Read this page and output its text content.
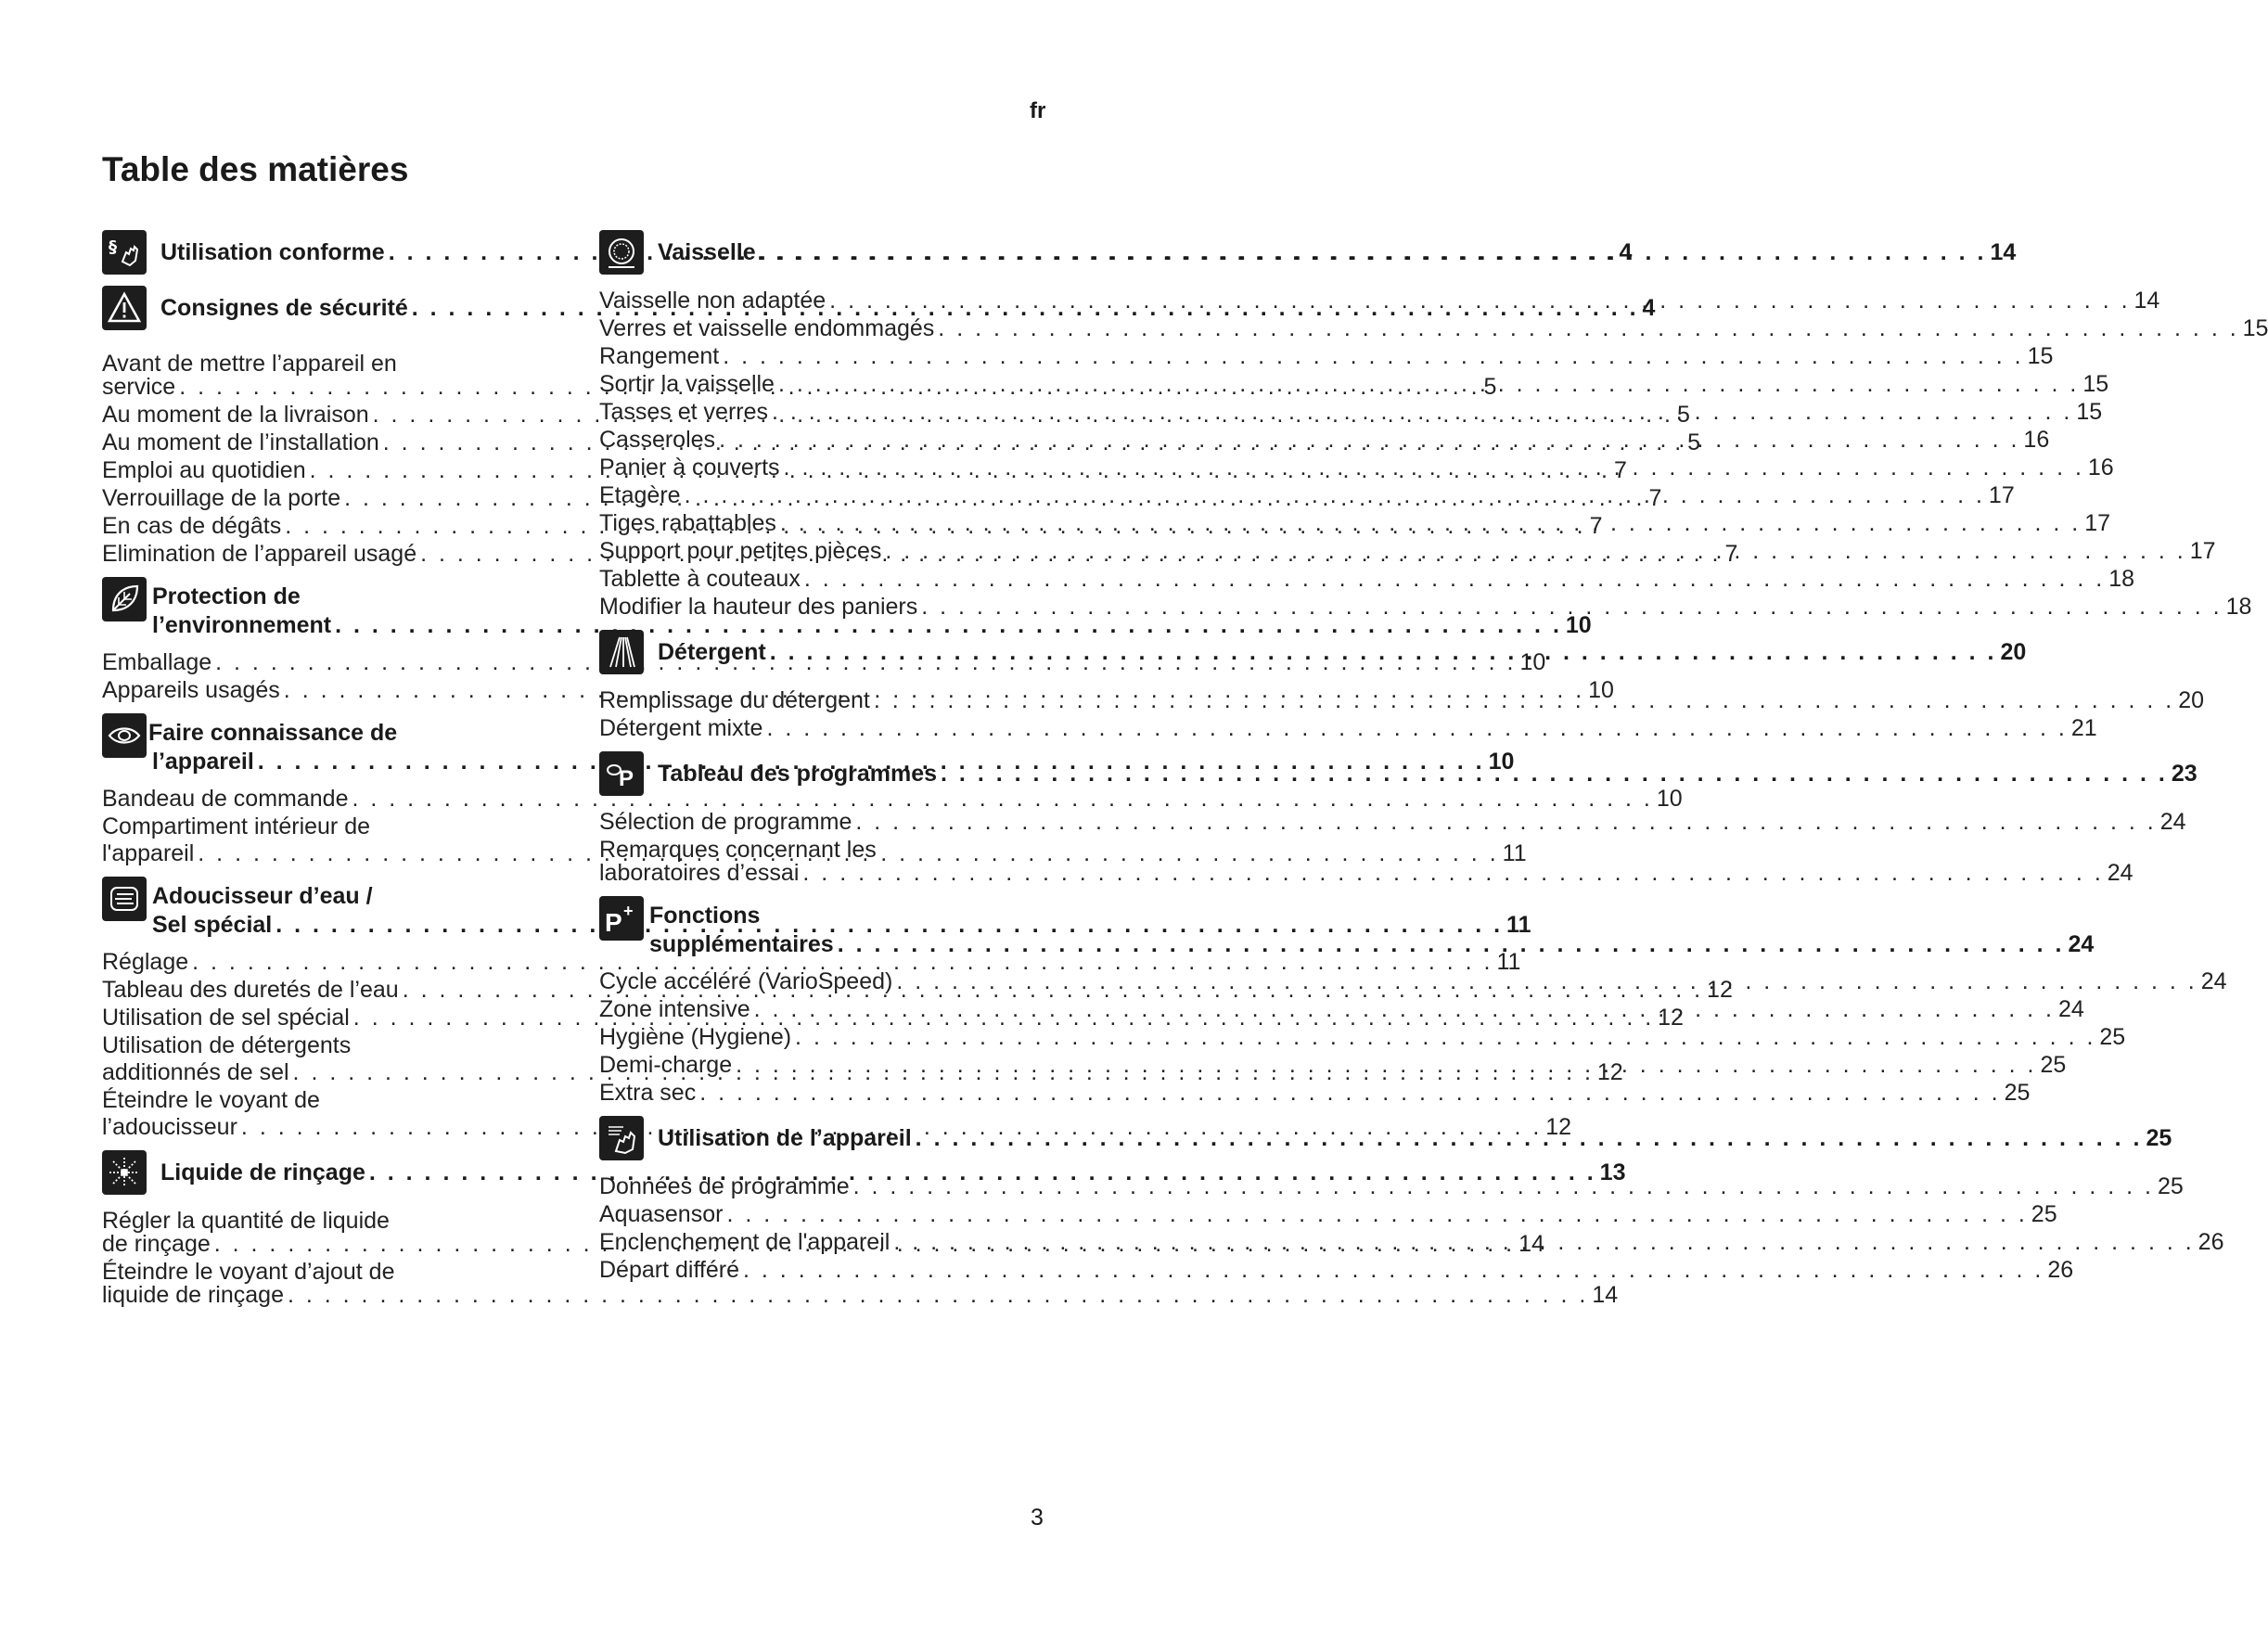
fr
Table des matières
§ Utilisation conforme . . .	4
Consignes de sécurité . . .	4
Avant de mettre l’appareil en
service . . .	5
Au moment de la livraison . . .	5
Au moment de l’installation . . .	5
Emploi au quotidien . . .	7
Verrouillage de la porte . . .	7
En cas de dégâts . . .	7
Elimination de l’appareil usagé . . .	7
Protection de
l’environnement . . .	10
Emballage . . .	10
Appareils usagés . . .	10
Faire connaissance de
l’appareil . . .	10
Bandeau de commande . . .	10
Compartiment intérieur de
l'appareil . . .	11
Adoucisseur d’eau /
Sel spécial . . .	11
Réglage . . .	11
Tableau des duretés de l’eau . . .	12
Utilisation de sel spécial . . .	12
Utilisation de détergents
additionnés de sel . . .	12
Éteindre le voyant de
l’adoucisseur . . .	12
Liquide de rinçage . . .	13
Régler la quantité de liquide
de rinçage . . .	14
Éteindre le voyant d’ajout de
liquide de rinçage . . .	14
Vaisselle . . .	14
Vaisselle non adaptée . . .	14
Verres et vaisselle endommagés . . .	15
Rangement . . .	15
Sortir la vaisselle . . .	15
Tasses et verres . . .	15
Casseroles . . .	16
Panier à couverts . . .	16
Etagère . . .	17
Tiges rabattables . . .	17
Support pour petites pièces . . .	17
Tablette à couteaux . . .	18
Modifier la hauteur des paniers . . .	18
Détergent . . .	20
Remplissage du détergent . . .	20
Détergent mixte . . .	21
P Tableau des programmes . . .	23
Sélection de programme . . .	24
Remarques concernant les
laboratoires d’essai . . .	24
P + Fonctions
supplémentaires . . .	24
Cycle accéléré (VarioSpeed) . . .	24
Zone intensive . . .	24
Hygiène (Hygiene) . . .	25
Demi-charge . . .	25
Extra sec . . .	25
Utilisation de l’appareil . . .	25
Données de programme . . .	25
Aquasensor . . .	25
Enclenchement de l'appareil . . .	26
Départ différé . . .	26
3
